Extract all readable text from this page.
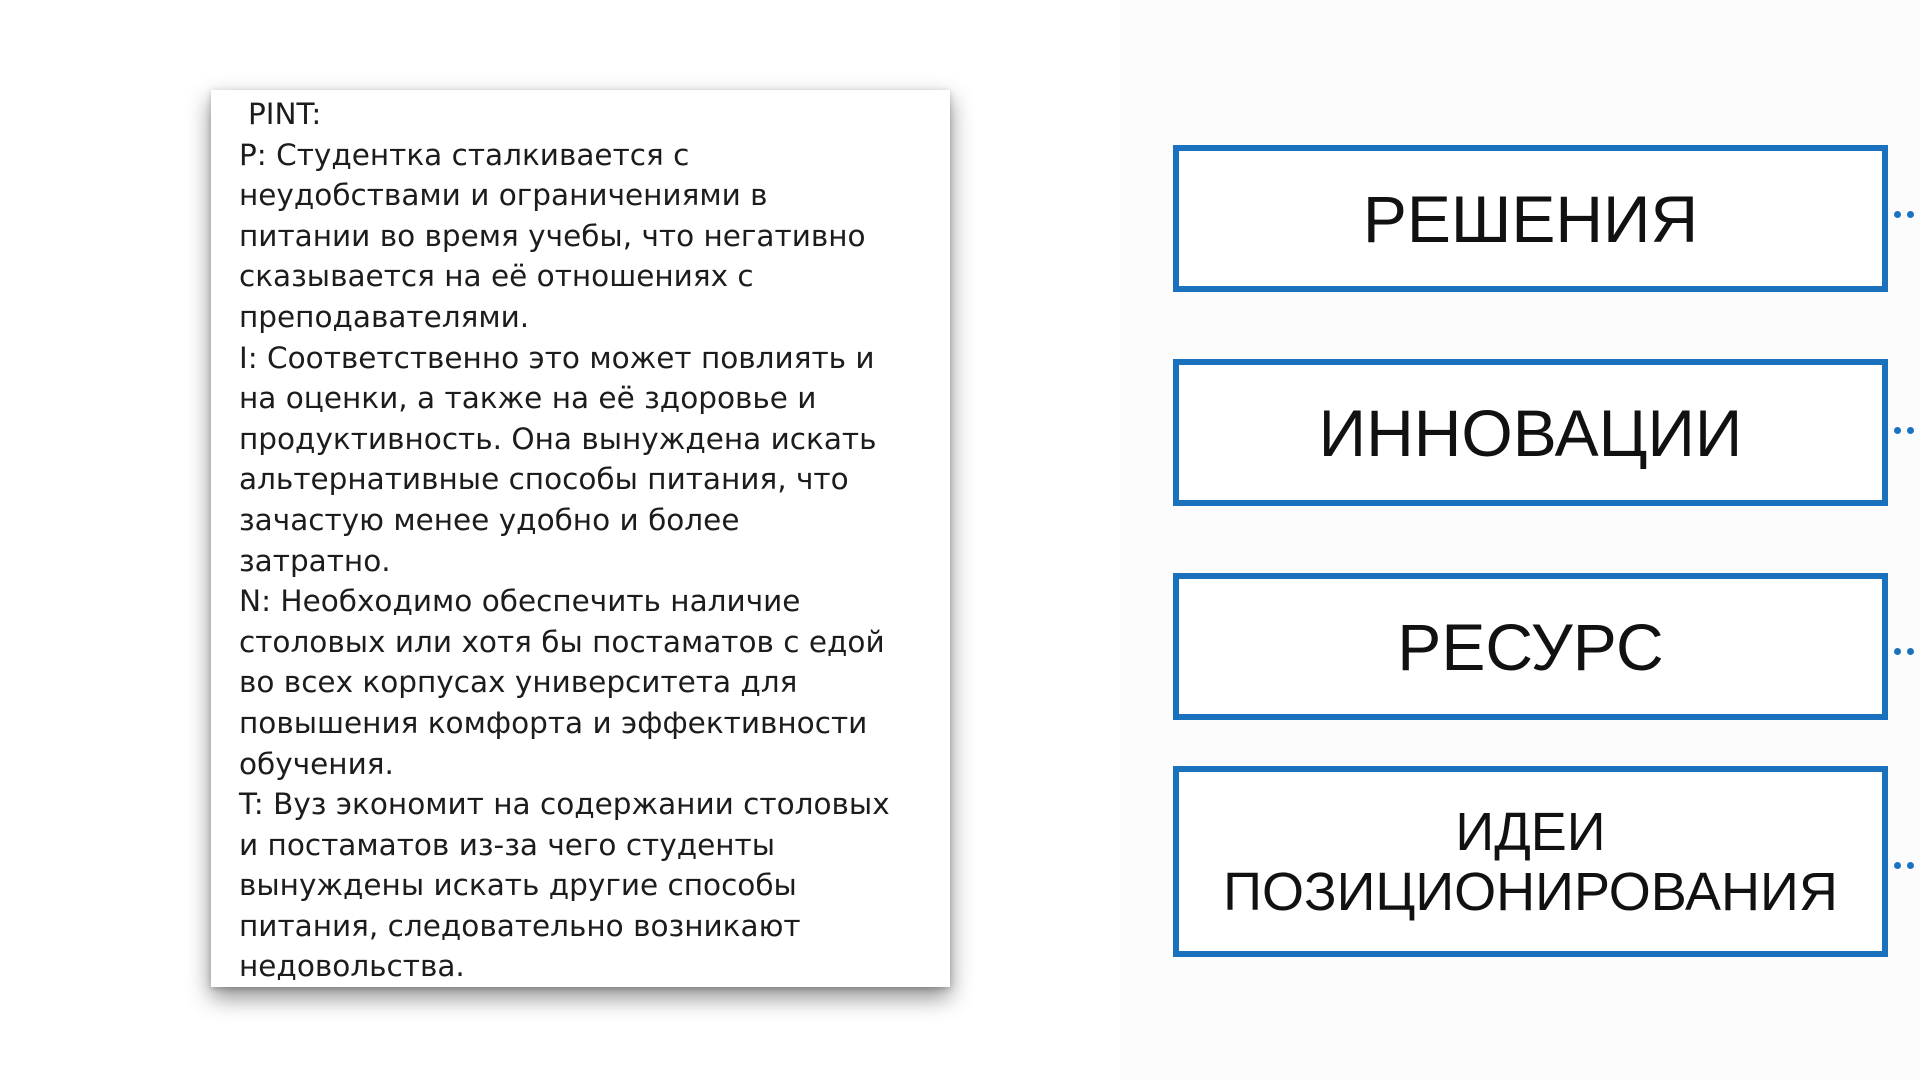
PINT:
P: Студентка сталкивается с
неудобствами и ограничениями в
питании во время учебы, что негативно
сказывается на её отношениях с
преподавателями.
I: Соответственно это может повлиять и
на оценки, а также на её здоровье и
продуктивность. Она вынуждена искать
альтернативные способы питания, что
зачастую менее удобно и более
затратно.
N: Необходимо обеспечить наличие
столовых или хотя бы постаматов с едой
во всех корпусах университета для
повышения комфорта и эффективности
обучения.
T: Вуз экономит на содержании столовых
и постаматов из-за чего студенты
вынуждены искать другие способы
питания, следовательно возникают
недовольства.
РЕШЕНИЯ
ИННОВАЦИИ
РЕСУРС
ИДЕИ
ПОЗИЦИОНИРОВАНИЯ
